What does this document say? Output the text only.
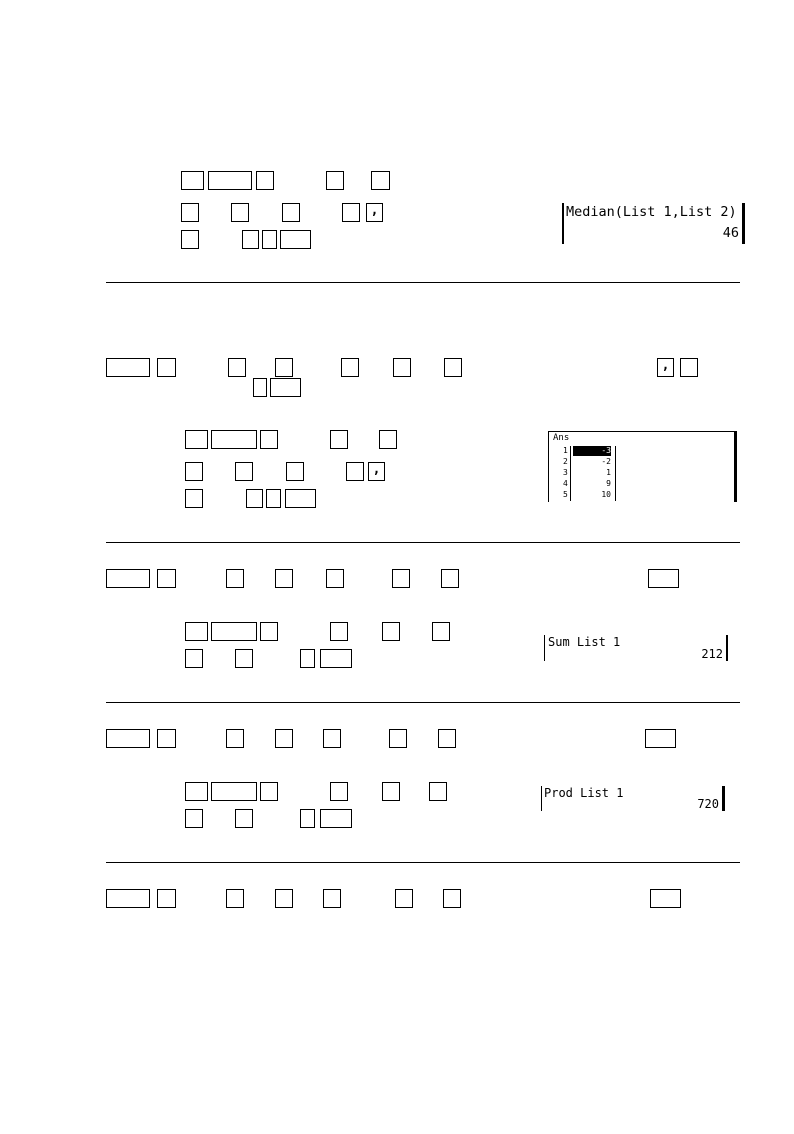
,	Median(List 1,List 2)
46
,
,
Ans
1	-3
2	-2
3	1
4	9
5	10
Sum List 1
212
Prod List 1
720
